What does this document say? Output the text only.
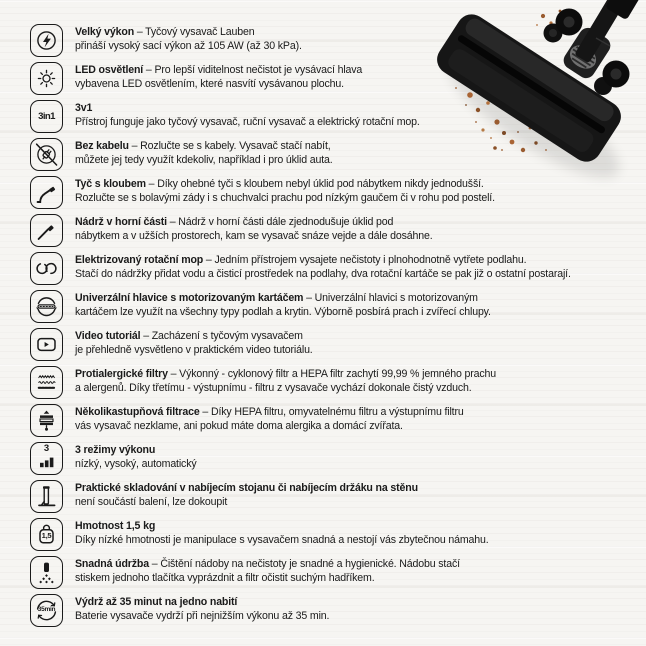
Velký výkon – Tyčový vysavač Lauben
přináší vysoký sací výkon až 105 AW (až 30 kPa).
LED osvětlení – Pro lepší viditelnost nečistot je vysávací hlava
vybavena LED osvětlením, které nasvítí vysávanou plochu.
3in1
3v1
Přístroj funguje jako tyčový vysavač, ruční vysavač a elektrický rotační mop.
Bez kabelu – Rozlučte se s kabely. Vysavač stačí nabít,
můžete jej tedy využít kdekoliv, například i pro úklid auta.
Tyč s kloubem – Díky ohebné tyči s kloubem nebyl úklid pod nábytkem nikdy jednodušší.
Rozlučte se s bolavými zády i s chuchvalci prachu pod nízkým gaučem či v rohu pod postelí.
Nádrž v horní části – Nádrž v horní části dále zjednodušuje úklid pod
nábytkem a v užších prostorech, kam se vysavač snáze vejde a dále dosáhne.
Elektrizovaný rotační mop – Jedním přístrojem vysajete nečistoty i plnohodnotně vytřete podlahu.
Stačí do nádržky přidat vodu a čisticí prostředek na podlahy, dva rotační kartáče se pak již o ostatní postarají.
Univerzální hlavice s motorizovaným kartáčem – Univerzální hlavici s motorizovaným
kartáčem lze využít na všechny typy podlah a krytin. Výborně posbírá prach i zvířecí chlupy.
Video tutoriál – Zacházení s tyčovým vysavačem
je přehledně vysvětleno v praktickém video tutoriálu.
Protialergické filtry – Výkonný - cyklonový filtr a HEPA filtr zachytí 99,99 % jemného prachu
a alergenů. Díky třetímu - výstupnímu - filtru z vysavače vychází dokonale čistý vzduch.
Několikastupňová filtrace – Díky HEPA filtru, omyvatelnému filtru a výstupnímu filtru
vás vysavač nezklame, ani pokud máte doma alergika a domácí zvířata.
3	3 režimy výkonu
nízký, vysoký, automatický
Praktické skladování v nabíjecím stojanu či nabíjecím držáku na stěnu
není součástí balení, lze dokoupit
1,5
Hmotnost 1,5 kg
Díky nízké hmotnosti je manipulace s vysavačem snadná a nestojí vás zbytečnou námahu.
Snadná údržba – Čištění nádoby na nečistoty je snadné a hygienické. Nádobu stačí
stiskem jednoho tlačítka vyprázdnit a filtr očistit suchým hadříkem.
35min
Výdrž až 35 minut na jedno nabití
Baterie vysavače vydrží při nejnižším výkonu až 35 min.
